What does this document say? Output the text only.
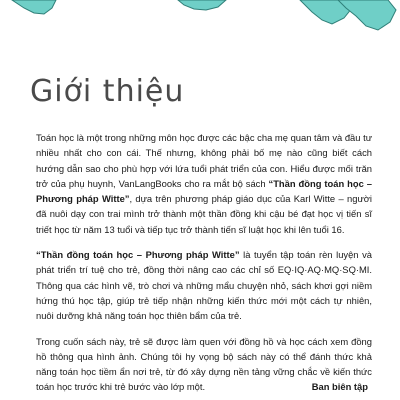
Giới thiệu

Toán học là một trong những môn học được các bậc cha mẹ quan tâm và đầu tư nhiều nhất cho con cái. Thế nhưng, không phải bố mẹ nào cũng biết cách hướng dẫn sao cho phù hợp với lứa tuổi phát triển của con. Hiểu được mối trăn trở của phụ huynh, VanLangBooks cho ra mắt bộ sách “Thần đồng toán học – Phương pháp Witte”, dựa trên phương pháp giáo dục của Karl Witte – người đã nuôi dạy con trai mình trở thành một thần đồng khi cậu bé đạt học vị tiến sĩ triết học từ năm 13 tuổi và tiếp tục trở thành tiến sĩ luật học khi lên tuổi 16.

“Thần đồng toán học – Phương pháp Witte” là tuyển tập toán rèn luyện và phát triển trí tuệ cho trẻ, đồng thời nâng cao các chỉ số EQ·IQ·AQ·MQ·SQ·MI. Thông qua các hình vẽ, trò chơi và những mẩu chuyện nhỏ, sách khơi gợi niềm hứng thú học tập, giúp trẻ tiếp nhận những kiến thức mới một cách tự nhiên, nuôi dưỡng khả năng toán học thiên bẩm của trẻ.

Trong cuốn sách này, trẻ sẽ được làm quen với đồng hồ và học cách xem đồng hồ thông qua hình ảnh. Chúng tôi hy vọng bộ sách này có thể đánh thức khả năng toán học tiềm ẩn nơi trẻ, từ đó xây dựng nền tảng vững chắc về kiến thức toán học trước khi trẻ bước vào lớp một.	Ban biên tập
